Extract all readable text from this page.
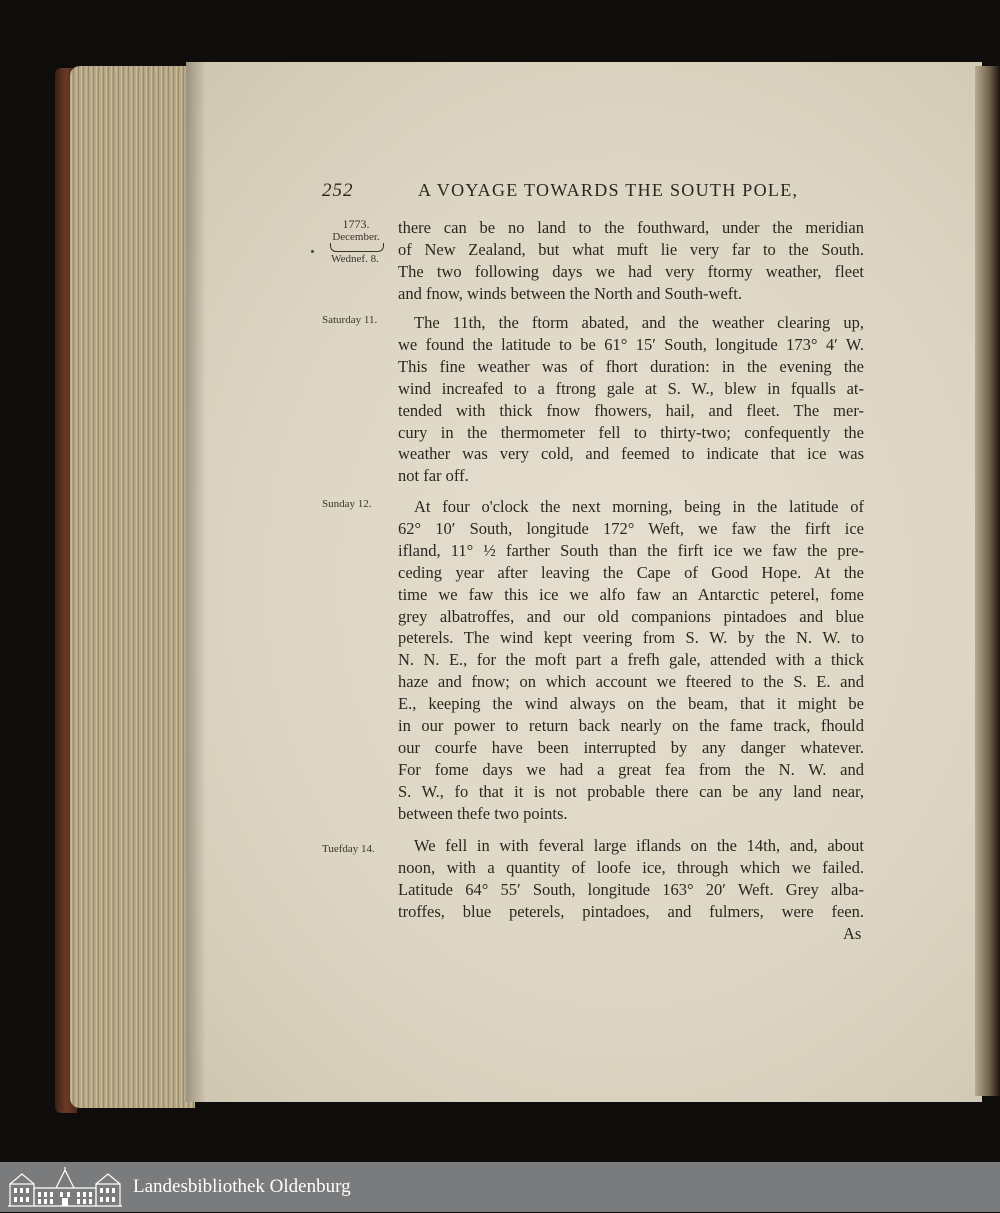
252	A VOYAGE TOWARDS THE SOUTH POLE,
1773.
December.
Wednef. 8.
Saturday 11.
Sunday 12.
Tuefday 14.
there can be no land to the fouthward, under the meridian
of New Zealand, but what muft lie very far to the South.
The two following days we had very ftormy weather, fleet
and fnow, winds between the North and South-weft.
The 11th, the ftorm abated, and the weather clearing up,
we found the latitude to be 61° 15′ South, longitude 173° 4′ W.
This fine weather was of fhort duration: in the evening the
wind increafed to a ftrong gale at S. W., blew in fqualls at-
tended with thick fnow fhowers, hail, and fleet. The mer-
cury in the thermometer fell to thirty-two; confequently the
weather was very cold, and feemed to indicate that ice was
not far off.
At four o'clock the next morning, being in the latitude of
62° 10′ South, longitude 172° Weft, we faw the firft ice
ifland, 11° ½ farther South than the firft ice we faw the pre-
ceding year after leaving the Cape of Good Hope. At the
time we faw this ice we alfo faw an Antarctic peterel, fome
grey albatroffes, and our old companions pintadoes and blue
peterels. The wind kept veering from S. W. by the N. W. to
N. N. E., for the moft part a frefh gale, attended with a thick
haze and fnow; on which account we fteered to the S. E. and
E., keeping the wind always on the beam, that it might be
in our power to return back nearly on the fame track, fhould
our courfe have been interrupted by any danger whatever.
For fome days we had a great fea from the N. W. and
S. W., fo that it is not probable there can be any land near,
between thefe two points.
We fell in with feveral large iflands on the 14th, and, about
noon, with a quantity of loofe ice, through which we failed.
Latitude 64° 55′ South, longitude 163° 20′ Weft. Grey alba-
troffes, blue peterels, pintadoes, and fulmers, were feen.
As
Landesbibliothek Oldenburg
